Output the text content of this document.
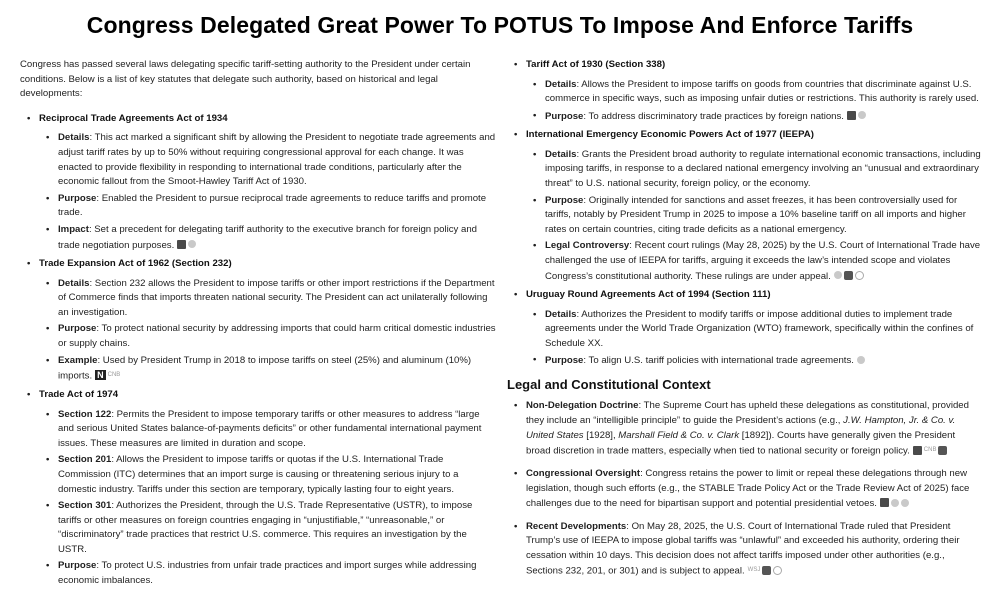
Congress Delegated Great Power To POTUS To Impose And Enforce Tariffs
Congress has passed several laws delegating specific tariff-setting authority to the President under certain conditions. Below is a list of key statutes that delegate such authority, based on historical and legal developments:
• Reciprocal Trade Agreements Act of 1934
• Details: This act marked a significant shift by allowing the President to negotiate trade agreements and adjust tariff rates by up to 50% without requiring congressional approval for each change. It was enacted to provide flexibility in responding to international trade conditions, particularly after the economic fallout from the Smoot-Hawley Tariff Act of 1930.
• Purpose: Enabled the President to pursue reciprocal trade agreements to reduce tariffs and promote trade.
• Impact: Set a precedent for delegating tariff authority to the executive branch for foreign policy and trade negotiation purposes.
• Trade Expansion Act of 1962 (Section 232)
• Details: Section 232 allows the President to impose tariffs or other import restrictions if the Department of Commerce finds that imports threaten national security. The President can act unilaterally following an investigation.
• Purpose: To protect national security by addressing imports that could harm critical domestic industries or supply chains.
• Example: Used by President Trump in 2018 to impose tariffs on steel (25%) and aluminum (10%) imports. N CNB
• Trade Act of 1974
• Section 122: Permits the President to impose temporary tariffs or other measures to address “large and serious United States balance-of-payments deficits” or other fundamental international payment issues. These measures are limited in duration and scope.
• Section 201: Allows the President to impose tariffs or quotas if the U.S. International Trade Commission (ITC) determines that an import surge is causing or threatening serious injury to a domestic industry. Tariffs under this section are temporary, typically lasting four to eight years.
• Section 301: Authorizes the President, through the U.S. Trade Representative (USTR), to impose tariffs or other measures on foreign countries engaging in “unjustifiable,” “unreasonable,” or “discriminatory” trade practices that restrict U.S. commerce. This requires an investigation by the USTR.
• Purpose: To protect U.S. industries from unfair trade practices and import surges while addressing economic imbalances.
• Tariff Act of 1930 (Section 338)
• Details: Allows the President to impose tariffs on goods from countries that discriminate against U.S. commerce in specific ways, such as imposing unfair duties or restrictions. This authority is rarely used.
• Purpose: To address discriminatory trade practices by foreign nations.
• International Emergency Economic Powers Act of 1977 (IEEPA)
• Details: Grants the President broad authority to regulate international economic transactions, including imposing tariffs, in response to a declared national emergency involving an “unusual and extraordinary threat” to U.S. national security, foreign policy, or the economy.
• Purpose: Originally intended for sanctions and asset freezes, it has been controversially used for tariffs, notably by President Trump in 2025 to impose a 10% baseline tariff on all imports and higher rates on certain countries, citing trade deficits as a national emergency.
• Legal Controversy: Recent court rulings (May 28, 2025) by the U.S. Court of International Trade have challenged the use of IEEPA for tariffs, arguing it exceeds the law’s intended scope and violates Congress’s constitutional authority. These rulings are under appeal.
• Uruguay Round Agreements Act of 1994 (Section 111)
• Details: Authorizes the President to modify tariffs or impose additional duties to implement trade agreements under the World Trade Organization (WTO) framework, specifically within the confines of Schedule XX.
• Purpose: To align U.S. tariff policies with international trade agreements.
Legal and Constitutional Context
• Non-Delegation Doctrine: The Supreme Court has upheld these delegations as constitutional, provided they include an “intelligible principle” to guide the President’s actions (e.g., J.W. Hampton, Jr. & Co. v. United States [1928], Marshall Field & Co. v. Clark [1892]). Courts have generally given the President broad discretion in trade matters, especially when tied to national security or foreign policy. CNB
• Congressional Oversight: Congress retains the power to limit or repeal these delegations through new legislation, though such efforts (e.g., the STABLE Trade Policy Act or the Trade Review Act of 2025) face challenges due to the need for bipartisan support and potential presidential vetoes.
• Recent Developments: On May 28, 2025, the U.S. Court of International Trade ruled that President Trump’s use of IEEPA to impose global tariffs was “unlawful” and exceeded his authority, ordering their cessation within 10 days. This decision does not affect tariffs imposed under other authorities (e.g., Sections 232, 201, or 301) and is subject to appeal. WSJ
